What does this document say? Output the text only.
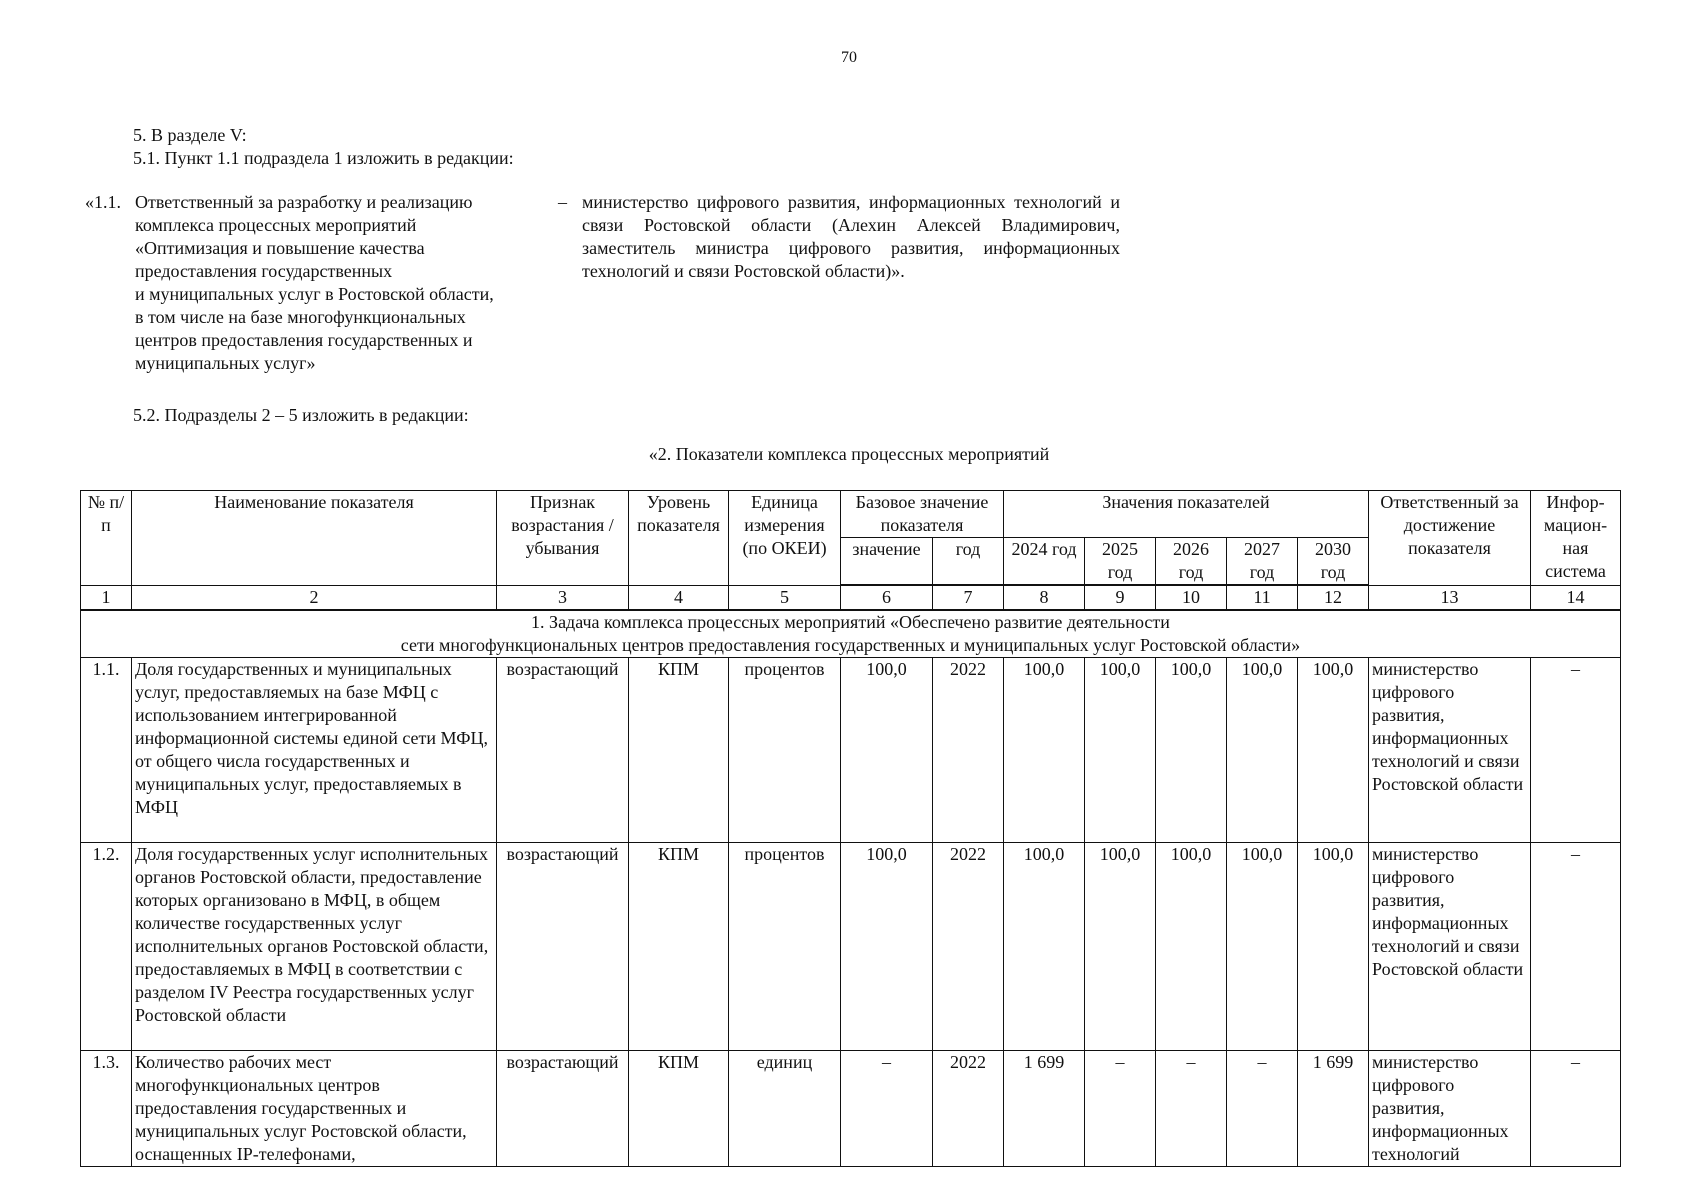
70
5. В разделе V:
5.1. Пункт 1.1 подраздела 1 изложить в редакции:
«1.1. Ответственный за разработку и реализацию
комплекса процессных мероприятий
«Оптимизация и повышение качества
предоставления государственных
и муниципальных услуг в Ростовской области,
в том числе на базе многофункциональных
центров предоставления государственных и
муниципальных услуг»
– министерство цифрового развития, информационных технологий и связи Ростовской области (Алехин Алексей Владимирович, заместитель министра цифрового развития, информационных технологий и связи Ростовской области)».
5.2. Подразделы 2 – 5 изложить в редакции:
«2. Показатели комплекса процессных мероприятий
№ п/п	Наименование показателя	Признак возрастания / убывания	Уровень показателя	Единица измерения (по ОКЕИ)	Базовое значение показателя		Значения показателей					Ответственный за достижение показателя	Инфор-мацион-ная система
					значение	год	2024 год	2025 год	2026 год	2027 год	2030 год		
1	2	3	4	5	6	7	8	9	10	11	12	13	14

1. Задача комплекса процессных мероприятий «Обеспечено развитие деятельности
сети многофункциональных центров предоставления государственных и муниципальных услуг Ростовской области»													

1.1.	Доля государственных и муниципальных услуг, предоставляемых на базе МФЦ с использованием интегрированной информационной системы единой сети МФЦ, от общего числа государственных и муниципальных услуг, предоставляемых в МФЦ	возрастающий	КПМ	процентов	100,0	2022	100,0	100,0	100,0	100,0	100,0	министерство цифрового развития, информационных технологий и связи Ростовской области	–
1.2.	Доля государственных услуг исполнительных органов Ростовской области, предоставление которых организовано в МФЦ, в общем количестве государственных услуг исполнительных органов Ростовской области, предоставляемых в МФЦ в соответствии с разделом IV Реестра государственных услуг Ростовской области	возрастающий	КПМ	процентов	100,0	2022	100,0	100,0	100,0	100,0	100,0	министерство цифрового развития, информационных технологий и связи Ростовской области	–
1.3.	Количество рабочих мест многофункциональных центров предоставления государственных и муниципальных услуг Ростовской области, оснащенных IP-телефонами,	возрастающий	КПМ	единиц	–	2022	1 699	–	–	–	1 699	министерство цифрового развития, информационных технологий	–
